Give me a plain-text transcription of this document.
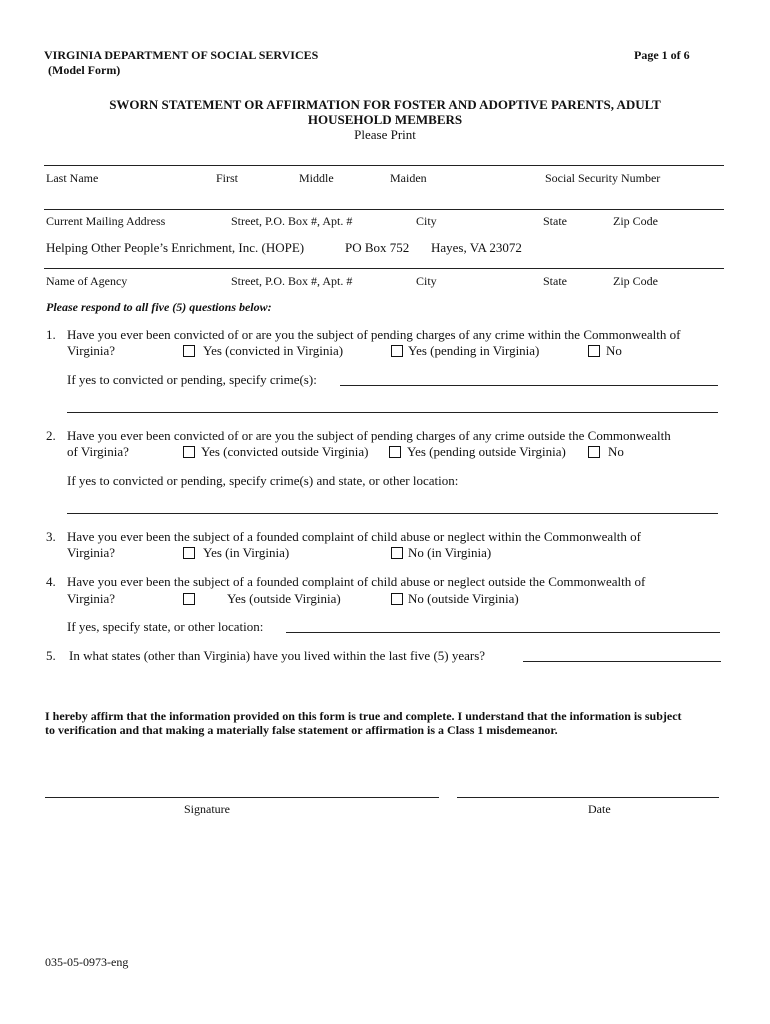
VIRGINIA DEPARTMENT OF SOCIAL SERVICES
(Model Form)
Page 1 of 6
SWORN STATEMENT OR AFFIRMATION FOR FOSTER AND ADOPTIVE PARENTS, ADULT
HOUSEHOLD MEMBERS
Please Print
Last Name	First	Middle	Maiden	Social Security Number
Current Mailing Address	Street, P.O. Box #, Apt. #	City	State	Zip Code
Helping Other People’s Enrichment, Inc. (HOPE)	PO Box 752 Hayes, VA 23072
Name of Agency	Street, P.O. Box #, Apt. #	City	State	Zip Code
Please respond to all five (5) questions below:
1. Have you ever been convicted of or are you the subject of pending charges of any crime within the Commonwealth of
Virginia?	Yes (convicted in Virginia)	Yes (pending in Virginia)	No
If yes to convicted or pending, specify crime(s):
2. Have you ever been convicted of or are you the subject of pending charges of any crime outside the Commonwealth
of Virginia?	Yes (convicted outside Virginia)	Yes (pending outside Virginia)	No
If yes to convicted or pending, specify crime(s) and state, or other location:
3. Have you ever been the subject of a founded complaint of child abuse or neglect within the Commonwealth of
Virginia?	Yes (in Virginia)	No (in Virginia)
4. Have you ever been the subject of a founded complaint of child abuse or neglect outside the Commonwealth of
Virginia?	Yes (outside Virginia)	No (outside Virginia)
If yes, specify state, or other location:
5. In what states (other than Virginia) have you lived within the last five (5) years?
I hereby affirm that the information provided on this form is true and complete. I understand that the information is subject
to verification and that making a materially false statement or affirmation is a Class 1 misdemeanor.
Signature	Date
035-05-0973-eng
